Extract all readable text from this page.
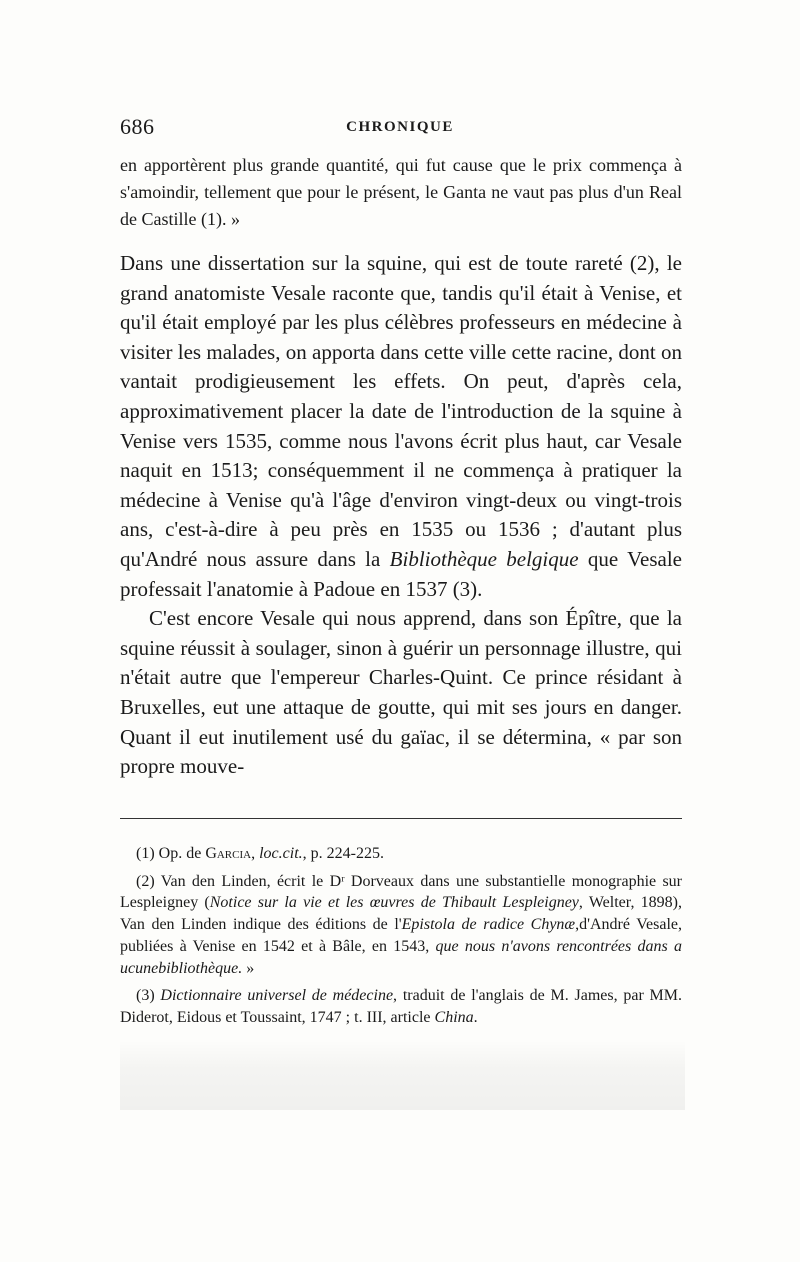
686	CHRONIQUE

en apportèrent plus grande quantité, qui fut cause que le prix commença à s'amoindir, tellement que pour le présent, le Ganta ne vaut pas plus d'un Real de Castille (1). »

Dans une dissertation sur la squine, qui est de toute rareté (2), le grand anatomiste Vesale raconte que, tandis qu'il était à Venise, et qu'il était employé par les plus célèbres professeurs en médecine à visiter les malades, on apporta dans cette ville cette racine, dont on vantait prodigieusement les effets. On peut, d'après cela, approximativement placer la date de l'introduction de la squine à Venise vers 1535, comme nous l'avons écrit plus haut, car Vesale naquit en 1513; conséquemment il ne commença à pratiquer la médecine à Venise qu'à l'âge d'environ vingt-deux ou vingt-trois ans, c'est-à-dire à peu près en 1535 ou 1536 ; d'autant plus qu'André nous assure dans la Bibliothèque belgique que Vesale professait l'anatomie à Padoue en 1537 (3).

C'est encore Vesale qui nous apprend, dans son Épître, que la squine réussit à soulager, sinon à guérir un personnage illustre, qui n'était autre que l'empereur Charles-Quint. Ce prince résidant à Bruxelles, eut une attaque de goutte, qui mit ses jours en danger. Quant il eut inutilement usé du gaïac, il se détermina, « par son propre mouve-

(1) Op. de Garcia, loc.cit., p. 224-225.

(2) Van den Linden, écrit le Dʳ Dorveaux dans une substantielle monographie sur Lespleigney (Notice sur la vie et les œuvres de Thibault Lespleigney, Welter, 1898), Van den Linden indique des éditions de l'Epistola de radice Chynæ,d'André Vesale, publiées à Venise en 1542 et à Bâle, en 1543, que nous n'avons rencontrées dans a ucunebibliothèque. »

(3) Dictionnaire universel de médecine, traduit de l'anglais de M. James, par MM. Diderot, Eidous et Toussaint, 1747 ; t. III, article China.
